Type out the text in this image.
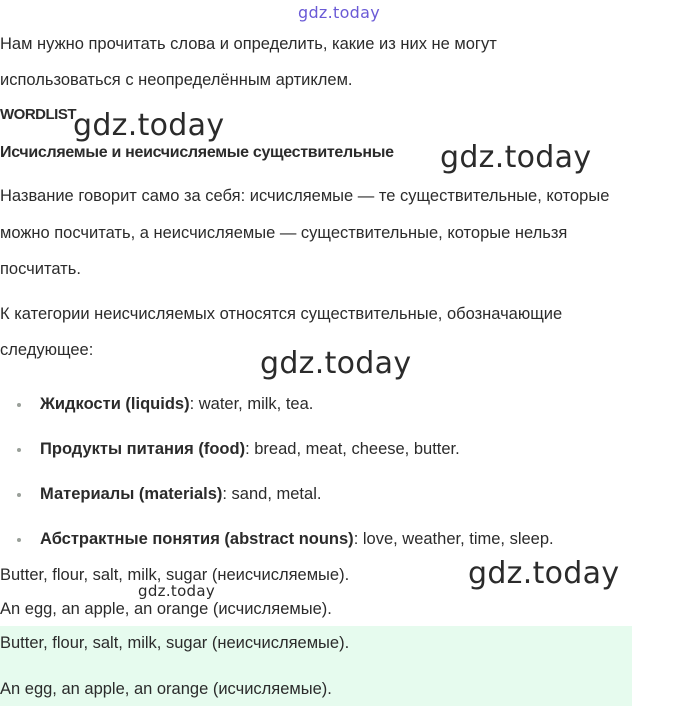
gdz.today
Нам нужно прочитать слова и определить, какие из них не могут
использоваться с неопределённым артиклем.
WORDLIST
gdz.today
Исчисляемые и неисчисляемые существительные gdz.today
Название говорит само за себя: исчисляемые — те существительные, которые
можно посчитать, а неисчисляемые — существительные, которые нельзя
посчитать.
К категории неисчисляемых относятся существительные, обозначающие
следующее:	gdz.today
Жидкости (liquids): water, milk, tea.
Продукты питания (food): bread, meat, cheese, butter.
Материалы (materials): sand, metal.
Абстрактные понятия (abstract nouns): love, weather, time, sleep.
Butter, flour, salt, milk, sugar (неисчисляемые).	gdz.today
gdz.today
An egg, an apple, an orange (исчисляемые).
Butter, flour, salt, milk, sugar (неисчисляемые).
An egg, an apple, an orange (исчисляемые).
